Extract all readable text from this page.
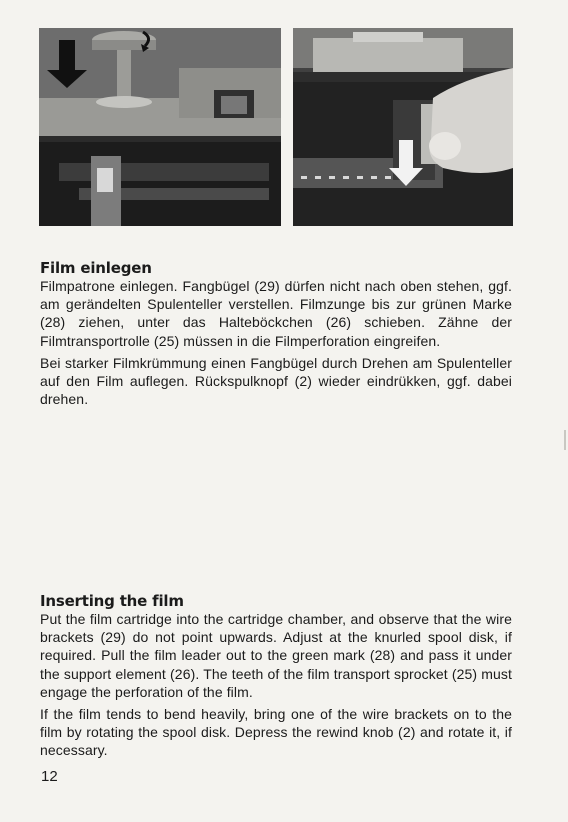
Film einlegen

Filmpatrone einlegen. Fangbügel (29) dürfen nicht nach oben stehen, ggf. am gerändelten Spulenteller verstellen. Filmzunge bis zur grünen Marke (28) ziehen, unter das Halteböckchen (26) schieben. Zähne der Filmtransportrolle (25) müssen in die Filmperforation eingreifen.

Bei starker Filmkrümmung einen Fangbügel durch Drehen am Spulenteller auf den Film auflegen. Rückspulknopf (2) wieder eindrükken, ggf. dabei drehen.

Inserting the film

Put the film cartridge into the cartridge chamber, and observe that the wire brackets (29) do not point upwards. Adjust at the knurled spool disk, if required. Pull the film leader out to the green mark (28) and pass it under the support element (26). The teeth of the film transport sprocket (25) must engage the perforation of the film.

If the film tends to bend heavily, bring one of the wire brackets on to the film by rotating the spool disk. Depress the rewind knob (2) and rotate it, if necessary.

12
